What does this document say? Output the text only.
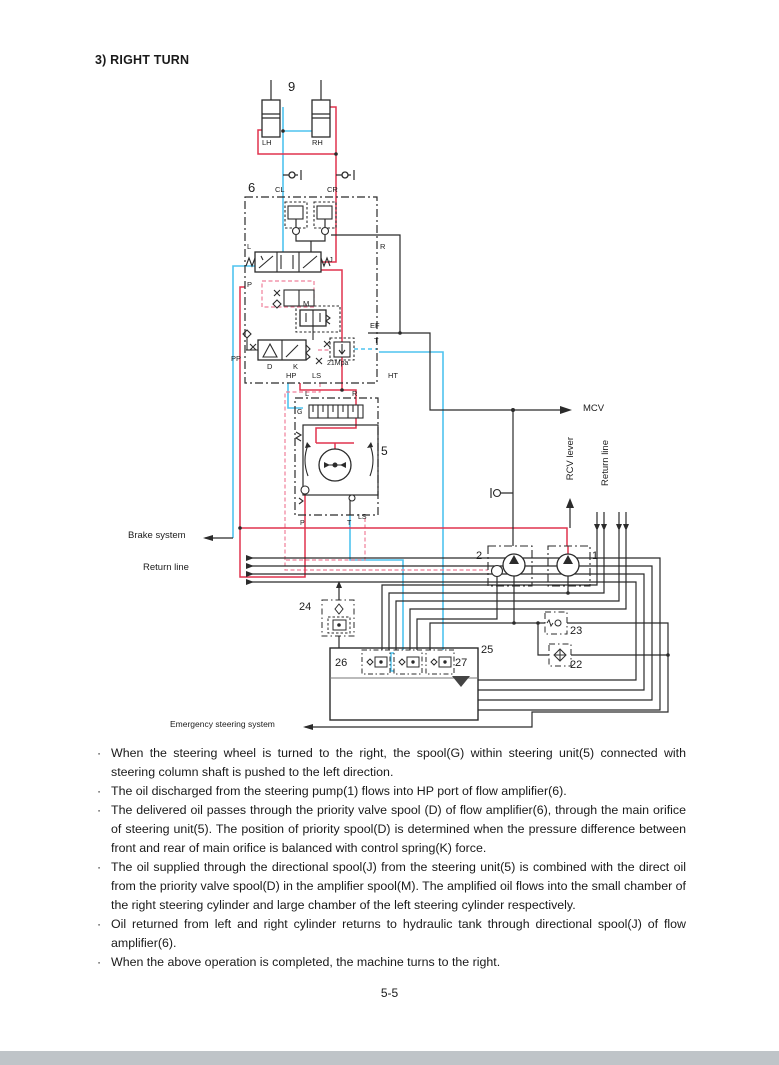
3) RIGHT TURN
9
LH	RH
6	CL	CR
L	R
J
P
M
PP
D	K	21Mpa
EF
T
HP LS	HT
L	R
G
5
P	T
LS
MCV
RCV lever	Return line
Brake system
Return line
2	1
24
23
22
25
26	27
Emergency steering system
· When the steering wheel is turned to the right, the spool(G) within steering unit(5) connected with steering column shaft is pushed to the left direction.
· The oil discharged from the steering pump(1) flows into HP port of flow amplifier(6).
· The delivered oil passes through the priority valve spool (D) of flow amplifier(6), through the main orifice of steering unit(5). The position of priority spool(D) is determined when the pressure difference between front and rear of main orifice is balanced with control spring(K) force.
· The oil supplied through the directional spool(J) from the steering unit(5) is combined with the direct oil from the priority valve spool(D) in the amplifier spool(M). The amplified oil flows into the small chamber of the right steering cylinder and large chamber of the left steering cylinder respectively.
· Oil returned from left and right cylinder returns to hydraulic tank through directional spool(J) of flow amplifier(6).
· When the above operation is completed, the machine turns to the right.
5-5
